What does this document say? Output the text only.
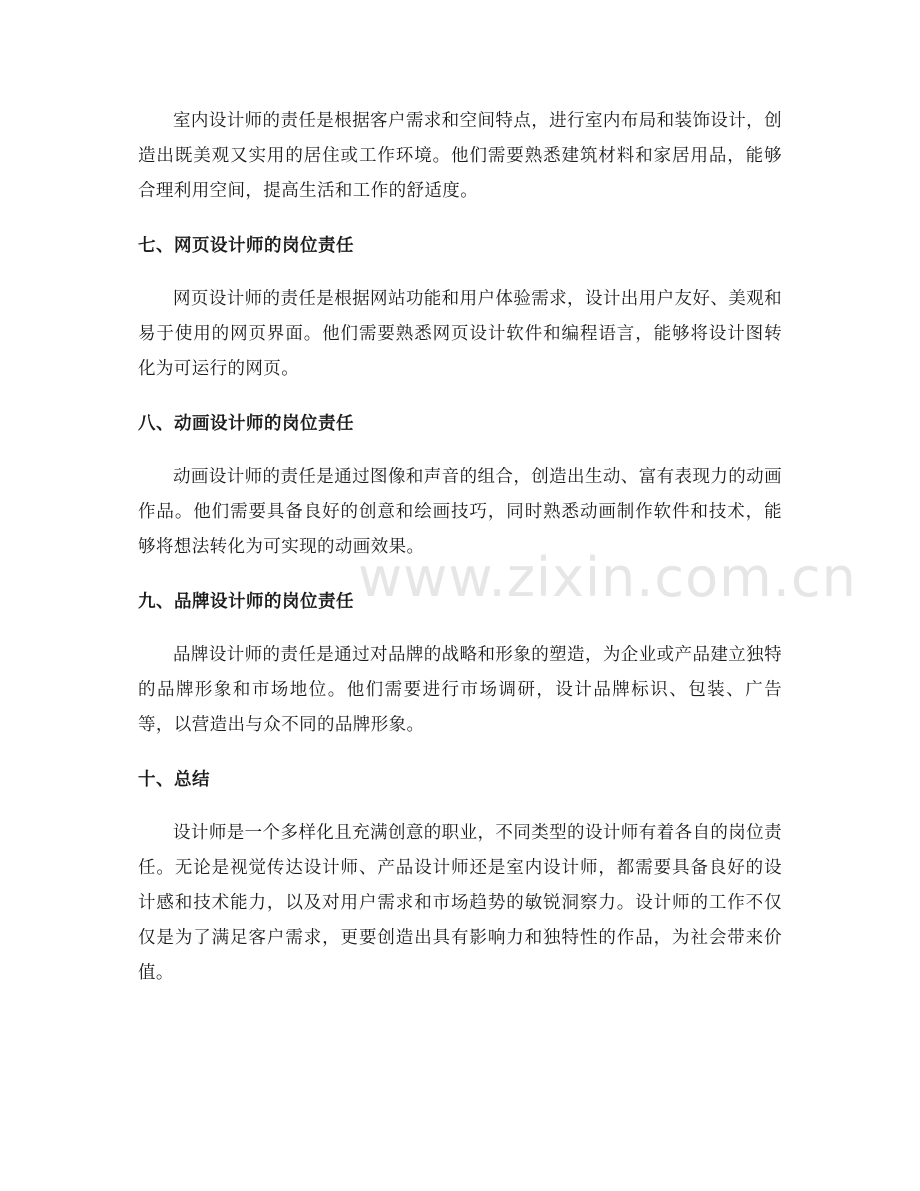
室内设计师的责任是根据客户需求和空间特点，进行室内布局和装饰设计，创造出既美观又实用的居住或工作环境。他们需要熟悉建筑材料和家居用品，能够合理利用空间，提高生活和工作的舒适度。

七、网页设计师的岗位责任

网页设计师的责任是根据网站功能和用户体验需求，设计出用户友好、美观和易于使用的网页界面。他们需要熟悉网页设计软件和编程语言，能够将设计图转化为可运行的网页。

八、动画设计师的岗位责任

动画设计师的责任是通过图像和声音的组合，创造出生动、富有表现力的动画作品。他们需要具备良好的创意和绘画技巧，同时熟悉动画制作软件和技术，能够将想法转化为可实现的动画效果。

九、品牌设计师的岗位责任

品牌设计师的责任是通过对品牌的战略和形象的塑造，为企业或产品建立独特的品牌形象和市场地位。他们需要进行市场调研，设计品牌标识、包装、广告等，以营造出与众不同的品牌形象。

十、总结

设计师是一个多样化且充满创意的职业，不同类型的设计师有着各自的岗位责任。无论是视觉传达设计师、产品设计师还是室内设计师，都需要具备良好的设计感和技术能力，以及对用户需求和市场趋势的敏锐洞察力。设计师的工作不仅仅是为了满足客户需求，更要创造出具有影响力和独特性的作品，为社会带来价值。

www.zixin.com.cn
